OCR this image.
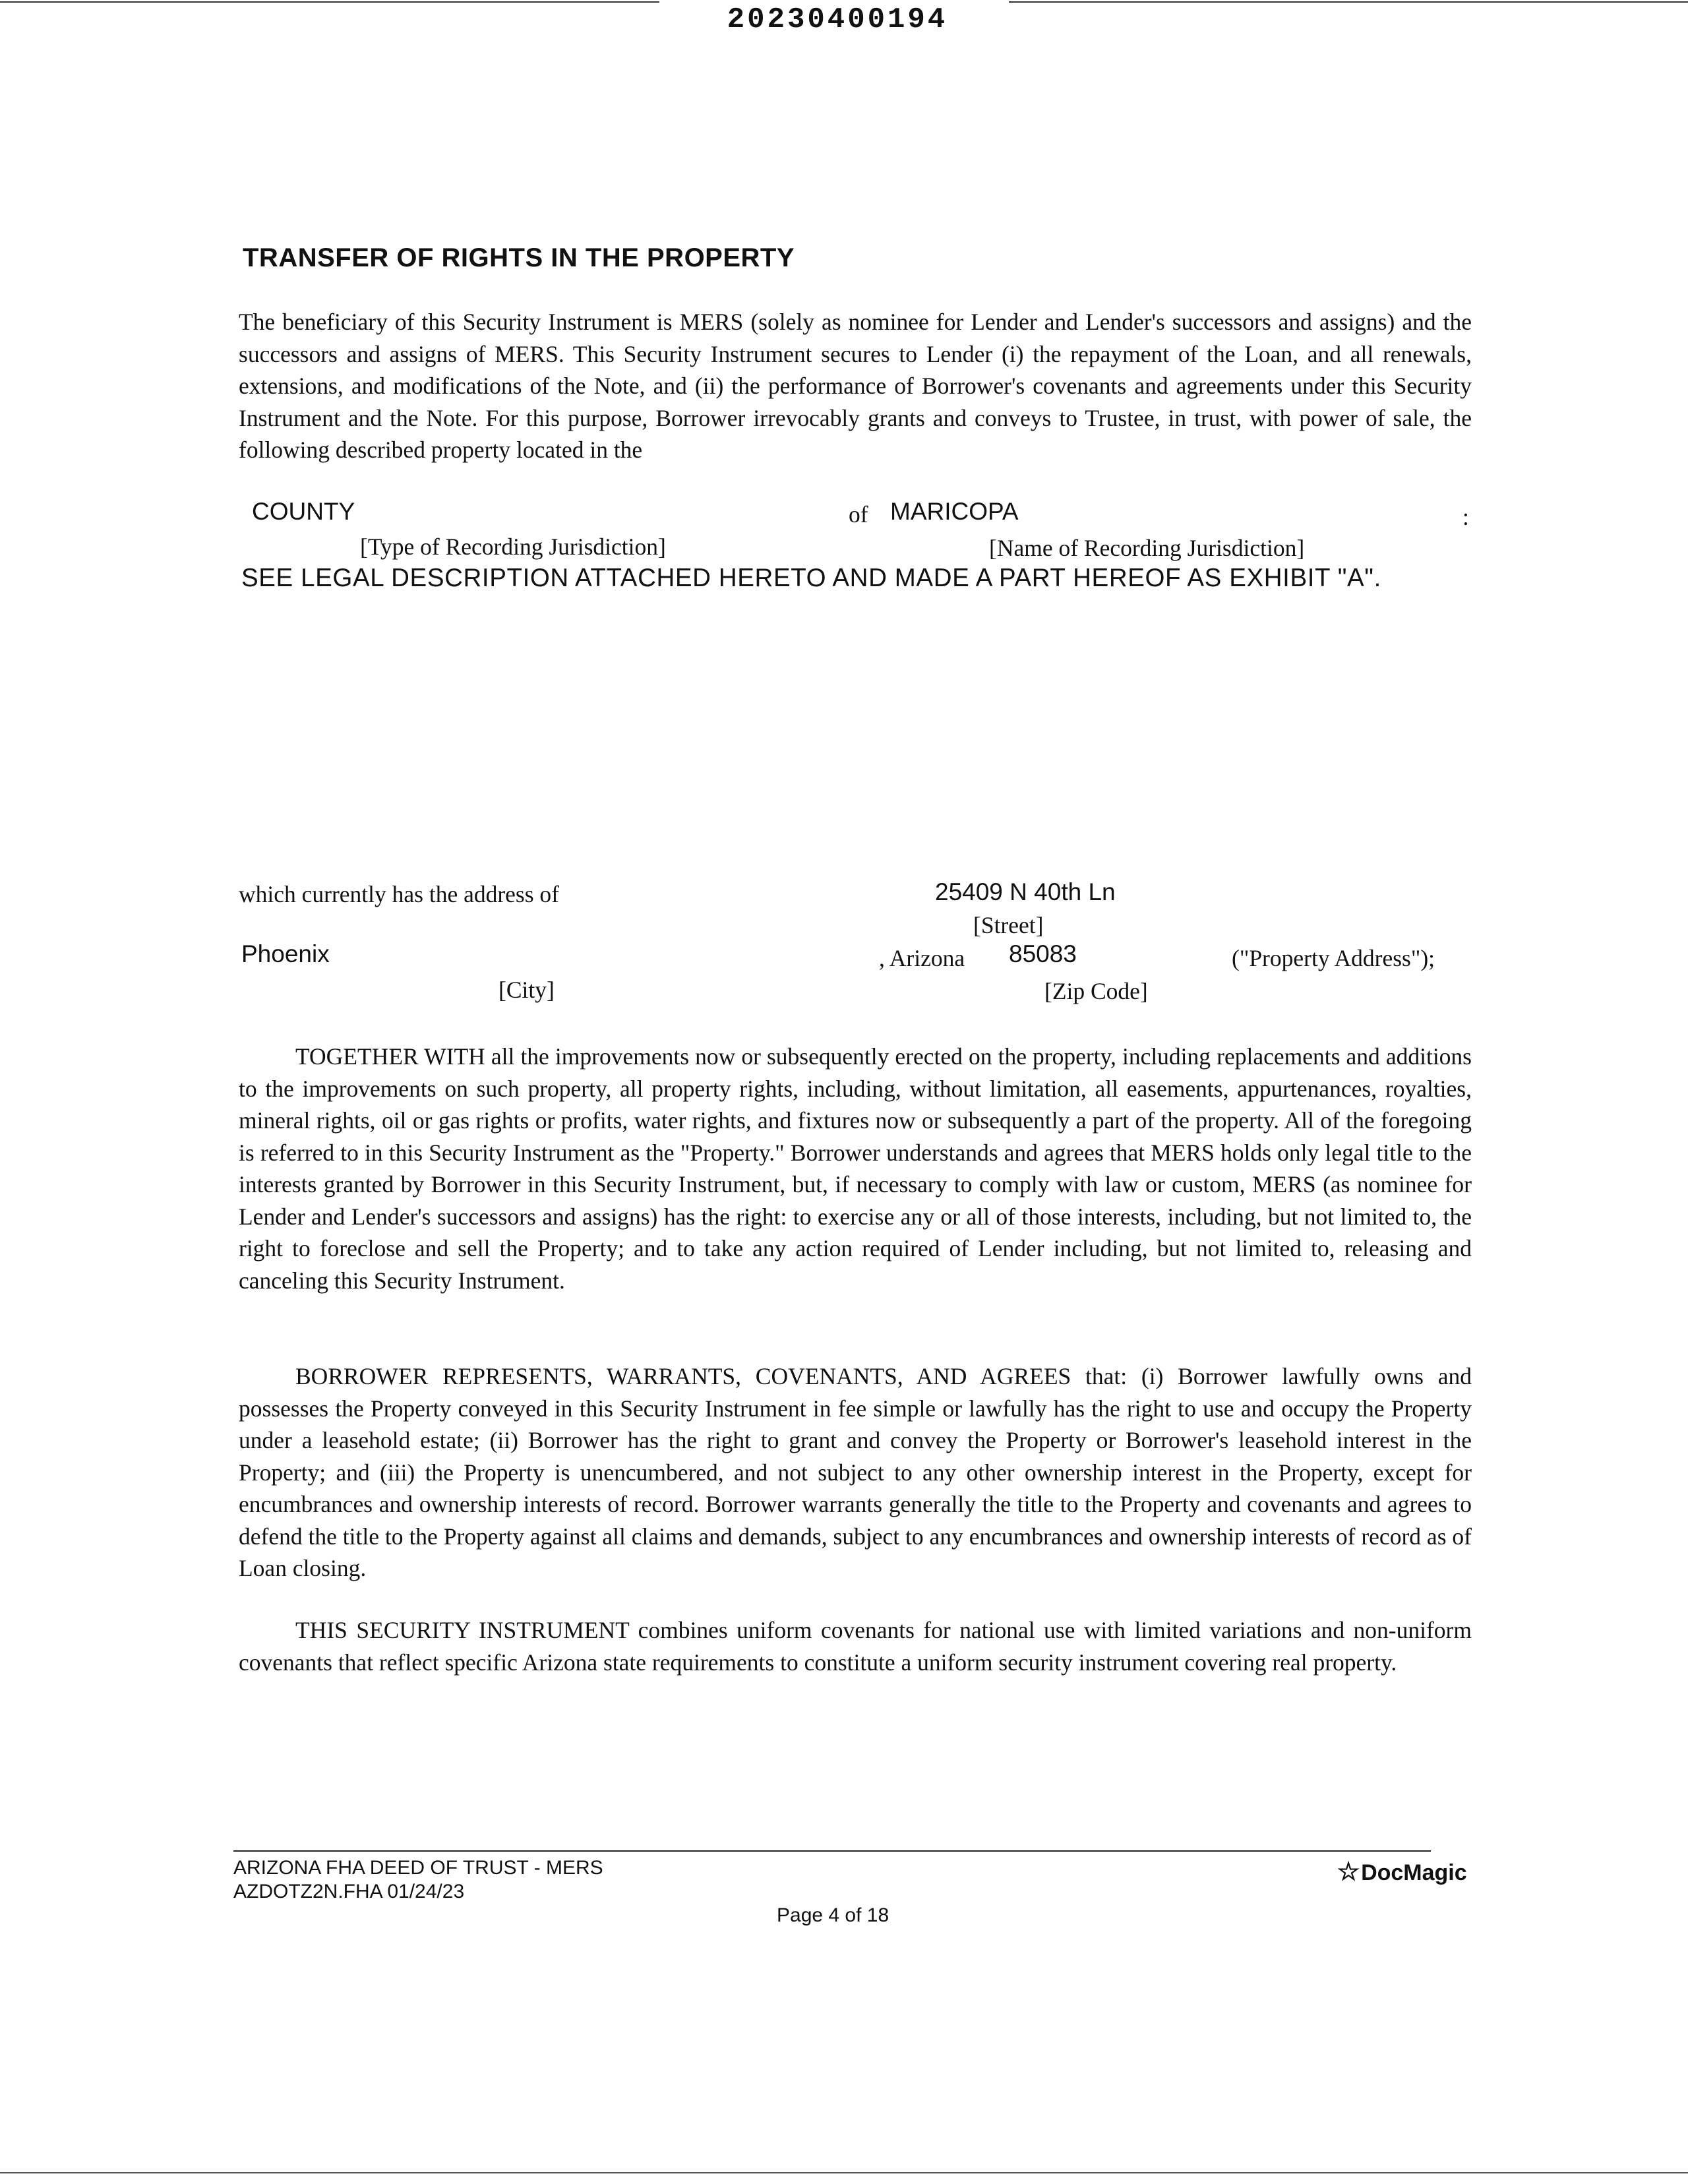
20230400194
TRANSFER OF RIGHTS IN THE PROPERTY

The beneficiary of this Security Instrument is MERS (solely as nominee for Lender and Lender's successors and assigns) and the successors and assigns of MERS. This Security Instrument secures to Lender (i) the repayment of the Loan, and all renewals, extensions, and modifications of the Note, and (ii) the performance of Borrower's covenants and agreements under this Security Instrument and the Note. For this purpose, Borrower irrevocably grants and conveys to Trustee, in trust, with power of sale, the following described property located in the

COUNTY	of MARICOPA	:
[Type of Recording Jurisdiction]	[Name of Recording Jurisdiction]
SEE LEGAL DESCRIPTION ATTACHED HERETO AND MADE A PART HEREOF AS EXHIBIT "A".
which currently has the address of	25409 N 40th Ln
[Street]
Phoenix	, Arizona 85083	("Property Address");
[City]	[Zip Code]

TOGETHER WITH all the improvements now or subsequently erected on the property, including replacements and additions to the improvements on such property, all property rights, including, without limitation, all easements, appurtenances, royalties, mineral rights, oil or gas rights or profits, water rights, and fixtures now or subsequently a part of the property. All of the foregoing is referred to in this Security Instrument as the "Property." Borrower understands and agrees that MERS holds only legal title to the interests granted by Borrower in this Security Instrument, but, if necessary to comply with law or custom, MERS (as nominee for Lender and Lender's successors and assigns) has the right: to exercise any or all of those interests, including, but not limited to, the right to foreclose and sell the Property; and to take any action required of Lender including, but not limited to, releasing and canceling this Security Instrument.

BORROWER REPRESENTS, WARRANTS, COVENANTS, AND AGREES that: (i) Borrower lawfully owns and possesses the Property conveyed in this Security Instrument in fee simple or lawfully has the right to use and occupy the Property under a leasehold estate; (ii) Borrower has the right to grant and convey the Property or Borrower's leasehold interest in the Property; and (iii) the Property is unencumbered, and not subject to any other ownership interest in the Property, except for encumbrances and ownership interests of record. Borrower warrants generally the title to the Property and covenants and agrees to defend the title to the Property against all claims and demands, subject to any encumbrances and ownership interests of record as of Loan closing.

THIS SECURITY INSTRUMENT combines uniform covenants for national use with limited variations and non-uniform covenants that reflect specific Arizona state requirements to constitute a uniform security instrument covering real property.

ARIZONA FHA DEED OF TRUST - MERS
AZDOTZ2N.FHA 01/24/23
Page 4 of 18
☆DocMagic
